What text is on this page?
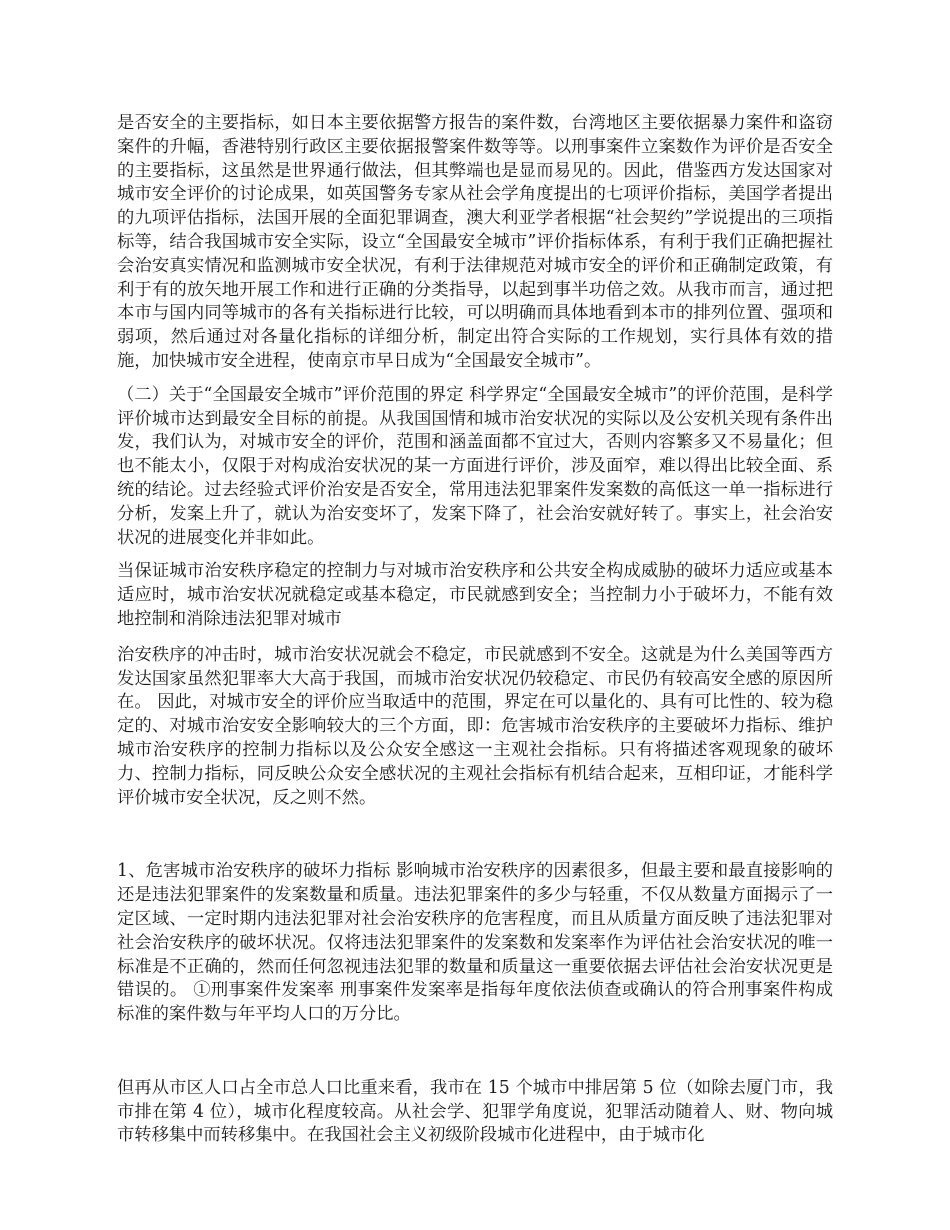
是否安全的主要指标，如日本主要依据警方报告的案件数，台湾地区主要依据暴力案件和盗窃案件的升幅，香港特别行政区主要依据报警案件数等等。以刑事案件立案数作为评价是否安全的主要指标，这虽然是世界通行做法，但其弊端也是显而易见的。因此，借鉴西方发达国家对城市安全评价的讨论成果，如英国警务专家从社会学角度提出的七项评价指标，美国学者提出的九项评估指标，法国开展的全面犯罪调查，澳大利亚学者根据“社会契约”学说提出的三项指标等，结合我国城市安全实际，设立“全国最安全城市”评价指标体系，有利于我们正确把握社会治安真实情况和监测城市安全状况，有利于法律规范对城市安全的评价和正确制定政策，有利于有的放矢地开展工作和进行正确的分类指导，以起到事半功倍之效。从我市而言，通过把本市与国内同等城市的各有关指标进行比较，可以明确而具体地看到本市的排列位置、强项和弱项，然后通过对各量化指标的详细分析，制定出符合实际的工作规划，实行具体有效的措施，加快城市安全进程，使南京市早日成为“全国最安全城市”。

（二）关于“全国最安全城市”评价范围的界定 科学界定“全国最安全城市”的评价范围，是科学评价城市达到最安全目标的前提。从我国国情和城市治安状况的实际以及公安机关现有条件出发，我们认为，对城市安全的评价，范围和涵盖面都不宜过大，否则内容繁多又不易量化；但也不能太小，仅限于对构成治安状况的某一方面进行评价，涉及面窄，难以得出比较全面、系统的结论。过去经验式评价治安是否安全，常用违法犯罪案件发案数的高低这一单一指标进行分析，发案上升了，就认为治安变坏了，发案下降了，社会治安就好转了。事实上，社会治安状况的进展变化并非如此。

当保证城市治安秩序稳定的控制力与对城市治安秩序和公共安全构成威胁的破坏力适应或基本适应时，城市治安状况就稳定或基本稳定，市民就感到安全；当控制力小于破坏力，不能有效地控制和消除违法犯罪对城市

治安秩序的冲击时，城市治安状况就会不稳定，市民就感到不安全。这就是为什么美国等西方发达国家虽然犯罪率大大高于我国，而城市治安状况仍较稳定、市民仍有较高安全感的原因所在。 因此，对城市安全的评价应当取适中的范围，界定在可以量化的、具有可比性的、较为稳定的、对城市治安安全影响较大的三个方面，即：危害城市治安秩序的主要破坏力指标、维护城市治安秩序的控制力指标以及公众安全感这一主观社会指标。只有将描述客观现象的破坏力、控制力指标，同反映公众安全感状况的主观社会指标有机结合起来，互相印证，才能科学评价城市安全状况，反之则不然。

1、危害城市治安秩序的破坏力指标 影响城市治安秩序的因素很多，但最主要和最直接影响的还是违法犯罪案件的发案数量和质量。违法犯罪案件的多少与轻重，不仅从数量方面揭示了一定区域、一定时期内违法犯罪对社会治安秩序的危害程度，而且从质量方面反映了违法犯罪对社会治安秩序的破坏状况。仅将违法犯罪案件的发案数和发案率作为评估社会治安状况的唯一标准是不正确的，然而任何忽视违法犯罪的数量和质量这一重要依据去评估社会治安状况更是错误的。 ①刑事案件发案率 刑事案件发案率是指每年度依法侦查或确认的符合刑事案件构成标准的案件数与年平均人口的万分比。

但再从市区人口占全市总人口比重来看，我市在 15 个城市中排居第 5 位（如除去厦门市，我市排在第 4 位），城市化程度较高。从社会学、犯罪学角度说，犯罪活动随着人、财、物向城市转移集中而转移集中。在我国社会主义初级阶段城市化进程中，由于城市化
